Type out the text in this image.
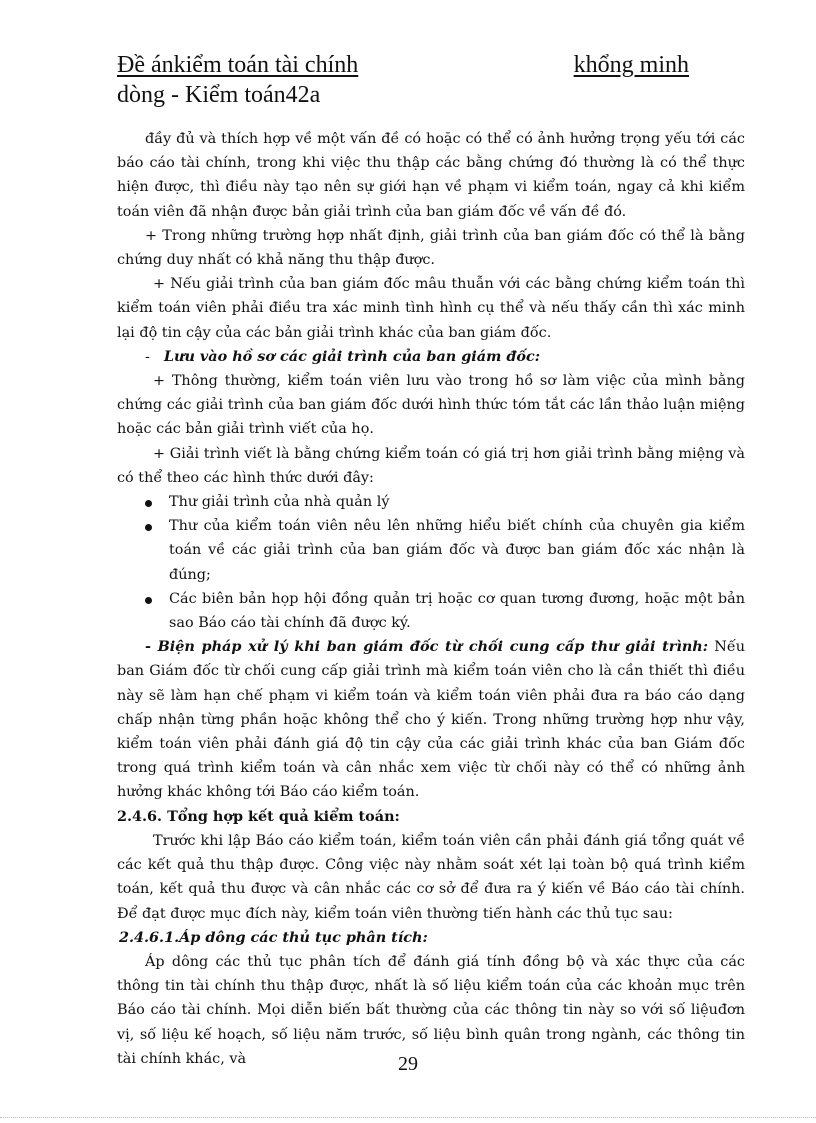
Đề ánkiểm toán tài chính	khổng minh
dòng - Kiểm toán42a

đầy đủ và thích hợp về một vấn đề có hoặc có thể có ảnh hưởng trọng yếu tới các báo cáo tài chính, trong khi việc thu thập các bằng chứng đó thường là có thể thực hiện được, thì điều này tạo nên sự giới hạn về phạm vi kiểm toán, ngay cả khi kiểm toán viên đã nhận được bản giải trình của ban giám đốc về vấn đề đó.

+ Trong những trường hợp nhất định, giải trình của ban giám đốc có thể là bằng chứng duy nhất có khả năng thu thập được.

+ Nếu giải trình của ban giám đốc mâu thuẫn với các bằng chứng kiểm toán thì kiểm toán viên phải điều tra xác minh tình hình cụ thể và nếu thấy cần thì xác minh lại độ tin cậy của các bản giải trình khác của ban giám đốc.

- Lưu vào hồ sơ các giải trình của ban giám đốc:

+ Thông thường, kiểm toán viên lưu vào trong hồ sơ làm việc của mình bằng chứng các giải trình của ban giám đốc dưới hình thức tóm tắt các lần thảo luận miệng hoặc các bản giải trình viết của họ.

+ Giải trình viết là bằng chứng kiểm toán có giá trị hơn giải trình bằng miệng và có thể theo các hình thức dưới đây:

Thư giải trình của nhà quản lý
Thư của kiểm toán viên nêu lên những hiểu biết chính của chuyên gia kiểm toán về các giải trình của ban giám đốc và được ban giám đốc xác nhận là đúng;
Các biên bản họp hội đồng quản trị hoặc cơ quan tương đương, hoặc một bản sao Báo cáo tài chính đã được ký.

- Biện pháp xử lý khi ban giám đốc từ chối cung cấp thư giải trình: Nếu ban Giám đốc từ chối cung cấp giải trình mà kiểm toán viên cho là cần thiết thì điều này sẽ làm hạn chế phạm vi kiểm toán và kiểm toán viên phải đưa ra báo cáo dạng chấp nhận từng phần hoặc không thể cho ý kiến. Trong những trường hợp như vậy, kiểm toán viên phải đánh giá độ tin cậy của các giải trình khác của ban Giám đốc trong quá trình kiểm toán và cân nhắc xem việc từ chối này có thể có những ảnh hưởng khác không tới Báo cáo kiểm toán.

2.4.6. Tổng hợp kết quả kiểm toán:

Trước khi lập Báo cáo kiểm toán, kiểm toán viên cần phải đánh giá tổng quát về các kết quả thu thập được. Công việc này nhằm soát xét lại toàn bộ quá trình kiểm toán, kết quả thu được và cân nhắc các cơ sở để đưa ra ý kiến về Báo cáo tài chính. Để đạt được mục đích này, kiểm toán viên thường tiến hành các thủ tục sau:

2.4.6.1.Áp dông các thủ tục phân tích:

Áp dông các thủ tục phân tích để đánh giá tính đồng bộ và xác thực của các thông tin tài chính thu thập được, nhất là số liệu kiểm toán của các khoản mục trên Báo cáo tài chính. Mọi diễn biến bất thường của các thông tin này so với số liệuđơn vị, số liệu kế hoạch, số liệu năm trước, số liệu bình quân trong ngành, các thông tin tài chính khác, và	29
